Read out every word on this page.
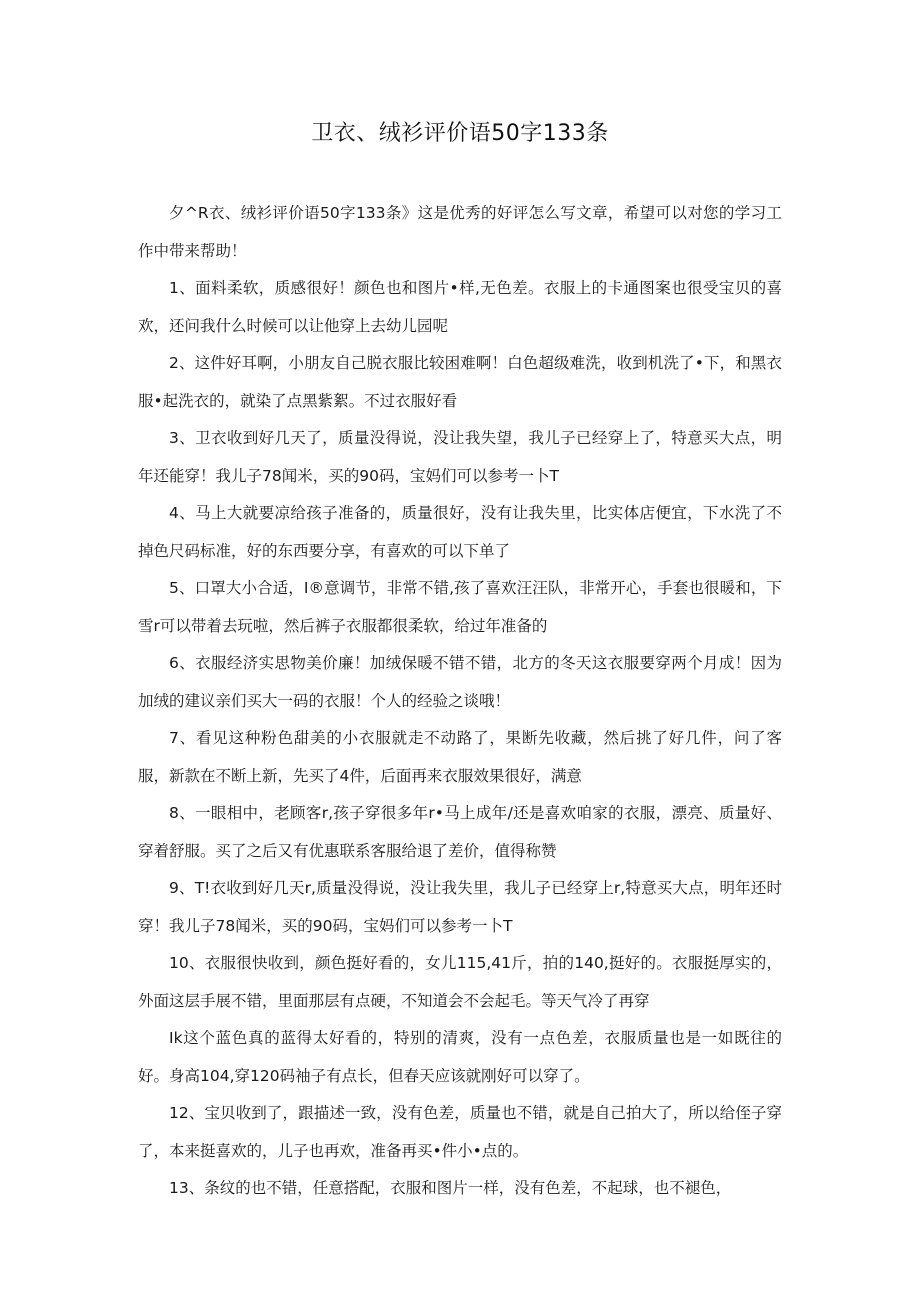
卫衣、绒衫评价语50字133条

夕^R衣、绒衫评价语50字133条》这是优秀的好评怎么写文章，希望可以对您的学习工作中带来帮助！

1、面料柔软，质感很好！颜色也和图片•样,无色差。衣服上的卡通图案也很受宝贝的喜欢，还问我什么时候可以让他穿上去幼儿园呢

2、这件好耳啊，小朋友自己脱衣服比较困难啊！白色超级难洗，收到机洗了•下，和黑衣服•起洗衣的，就染了点黑紫絮。不过衣服好看

3、卫衣收到好几天了，质量没得说，没让我失望，我儿子已经穿上了，特意买大点，明年还能穿！我儿子78闻米，买的90码，宝妈们可以参考一卜T

4、马上大就要凉给孩子准备的，质量很好，没有让我失里，比实体店便宜，下水洗了不掉色尺码标准，好的东西要分享，有喜欢的可以下单了

5、口罩大小合适，I®意调节，非常不错,孩了喜欢汪汪队，非常开心，手套也很暖和，下雪r可以带着去玩啦，然后裤子衣服都很柔软，给过年准备的

6、衣服经济实思物美价廉！加绒保暖不错不错，北方的冬天这衣服要穿两个月成！因为加绒的建议亲们买大一码的衣服！个人的经验之谈哦！

7、看见这种粉色甜美的小衣服就走不动路了，果断先收藏，然后挑了好几件，问了客服，新款在不断上新，先买了4件，后面再来衣服效果很好，满意

8、一眼相中，老顾客r,孩子穿很多年r•马上成年/还是喜欢咱家的衣服，漂亮、质量好、穿着舒服。买了之后又有优惠联系客服给退了差价，值得称赞

9、T!衣收到好几天r,质量没得说，没让我失里，我儿子已经穿上r,特意买大点，明年还时穿！我儿子78闻米，买的90码，宝妈们可以参考一卜T

10、衣服很快收到，颜色挺好看的，女儿115,41斤，拍的140,挺好的。衣服挺厚实的，外面这层手展不错，里面那层有点硬，不知道会不会起毛。等天气冷了再穿

Ik这个蓝色真的蓝得太好看的，特别的清爽，没有一点色差，衣服质量也是一如既往的好。身高104,穿120码袖子有点长，但春天应该就刚好可以穿了。

12、宝贝收到了，跟描述一致，没有色差，质量也不错，就是自己拍大了，所以给侄子穿了，本来挺喜欢的，儿子也再欢，准备再买•件小•点的。

13、条纹的也不错，任意搭配，衣服和图片一样，没有色差，不起球，也不褪色，
